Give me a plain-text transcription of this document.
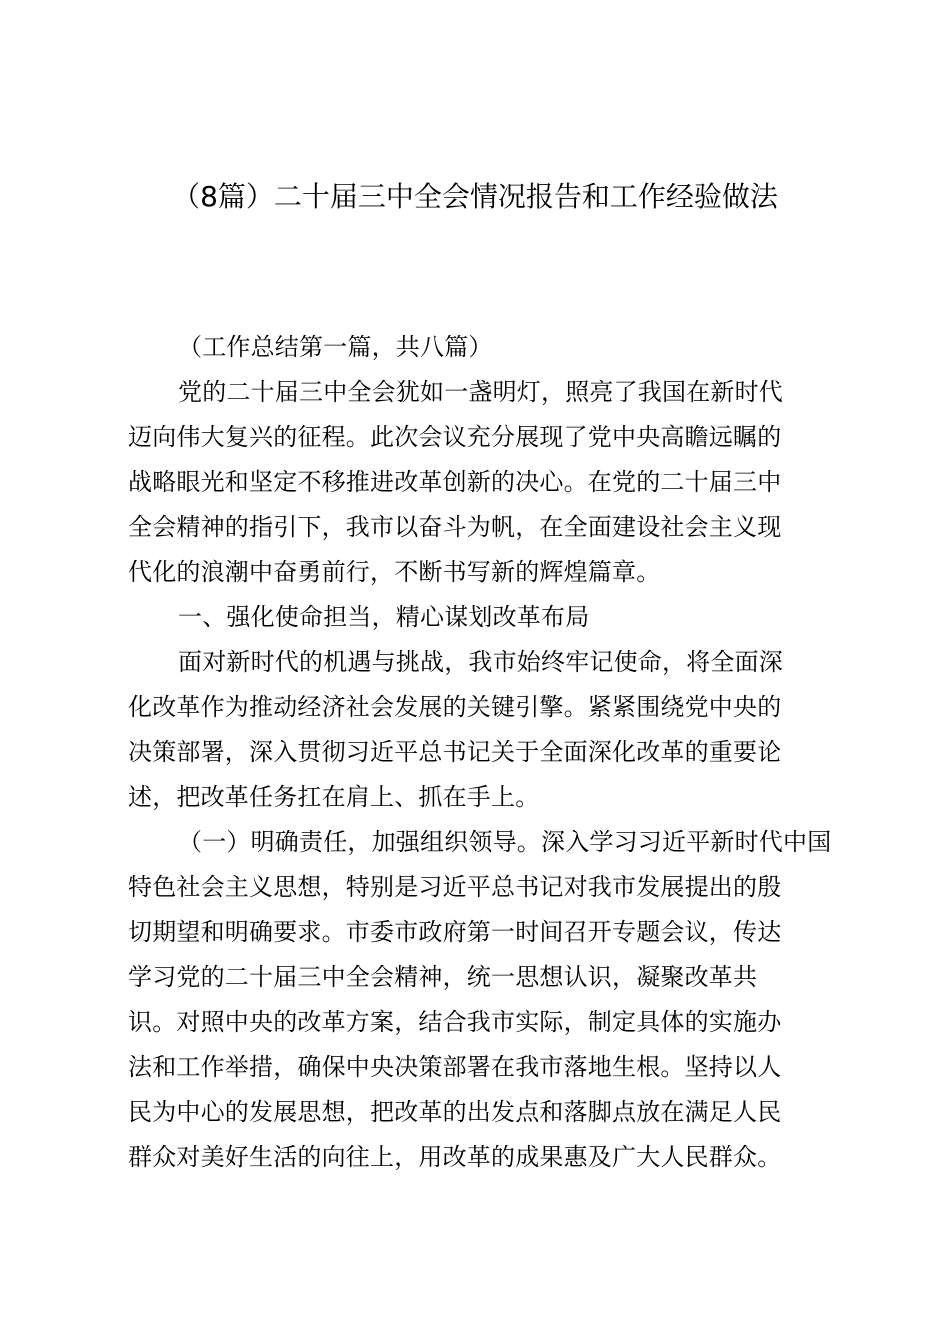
（8篇）二十届三中全会情况报告和工作经验做法
（工作总结第一篇，共八篇）
党的二十届三中全会犹如一盏明灯，照亮了我国在新时代
迈向伟大复兴的征程。此次会议充分展现了党中央高瞻远瞩的
战略眼光和坚定不移推进改革创新的决心。在党的二十届三中
全会精神的指引下，我市以奋斗为帆，在全面建设社会主义现
代化的浪潮中奋勇前行，不断书写新的辉煌篇章。
一、强化使命担当，精心谋划改革布局
面对新时代的机遇与挑战，我市始终牢记使命，将全面深
化改革作为推动经济社会发展的关键引擎。紧紧围绕党中央的
决策部署，深入贯彻习近平总书记关于全面深化改革的重要论
述，把改革任务扛在肩上、抓在手上。
（一）明确责任，加强组织领导。深入学习习近平新时代中国
特色社会主义思想，特别是习近平总书记对我市发展提出的殷
切期望和明确要求。市委市政府第一时间召开专题会议，传达
学习党的二十届三中全会精神，统一思想认识，凝聚改革共
识。对照中央的改革方案，结合我市实际，制定具体的实施办
法和工作举措，确保中央决策部署在我市落地生根。坚持以人
民为中心的发展思想，把改革的出发点和落脚点放在满足人民
群众对美好生活的向往上，用改革的成果惠及广大人民群众。
